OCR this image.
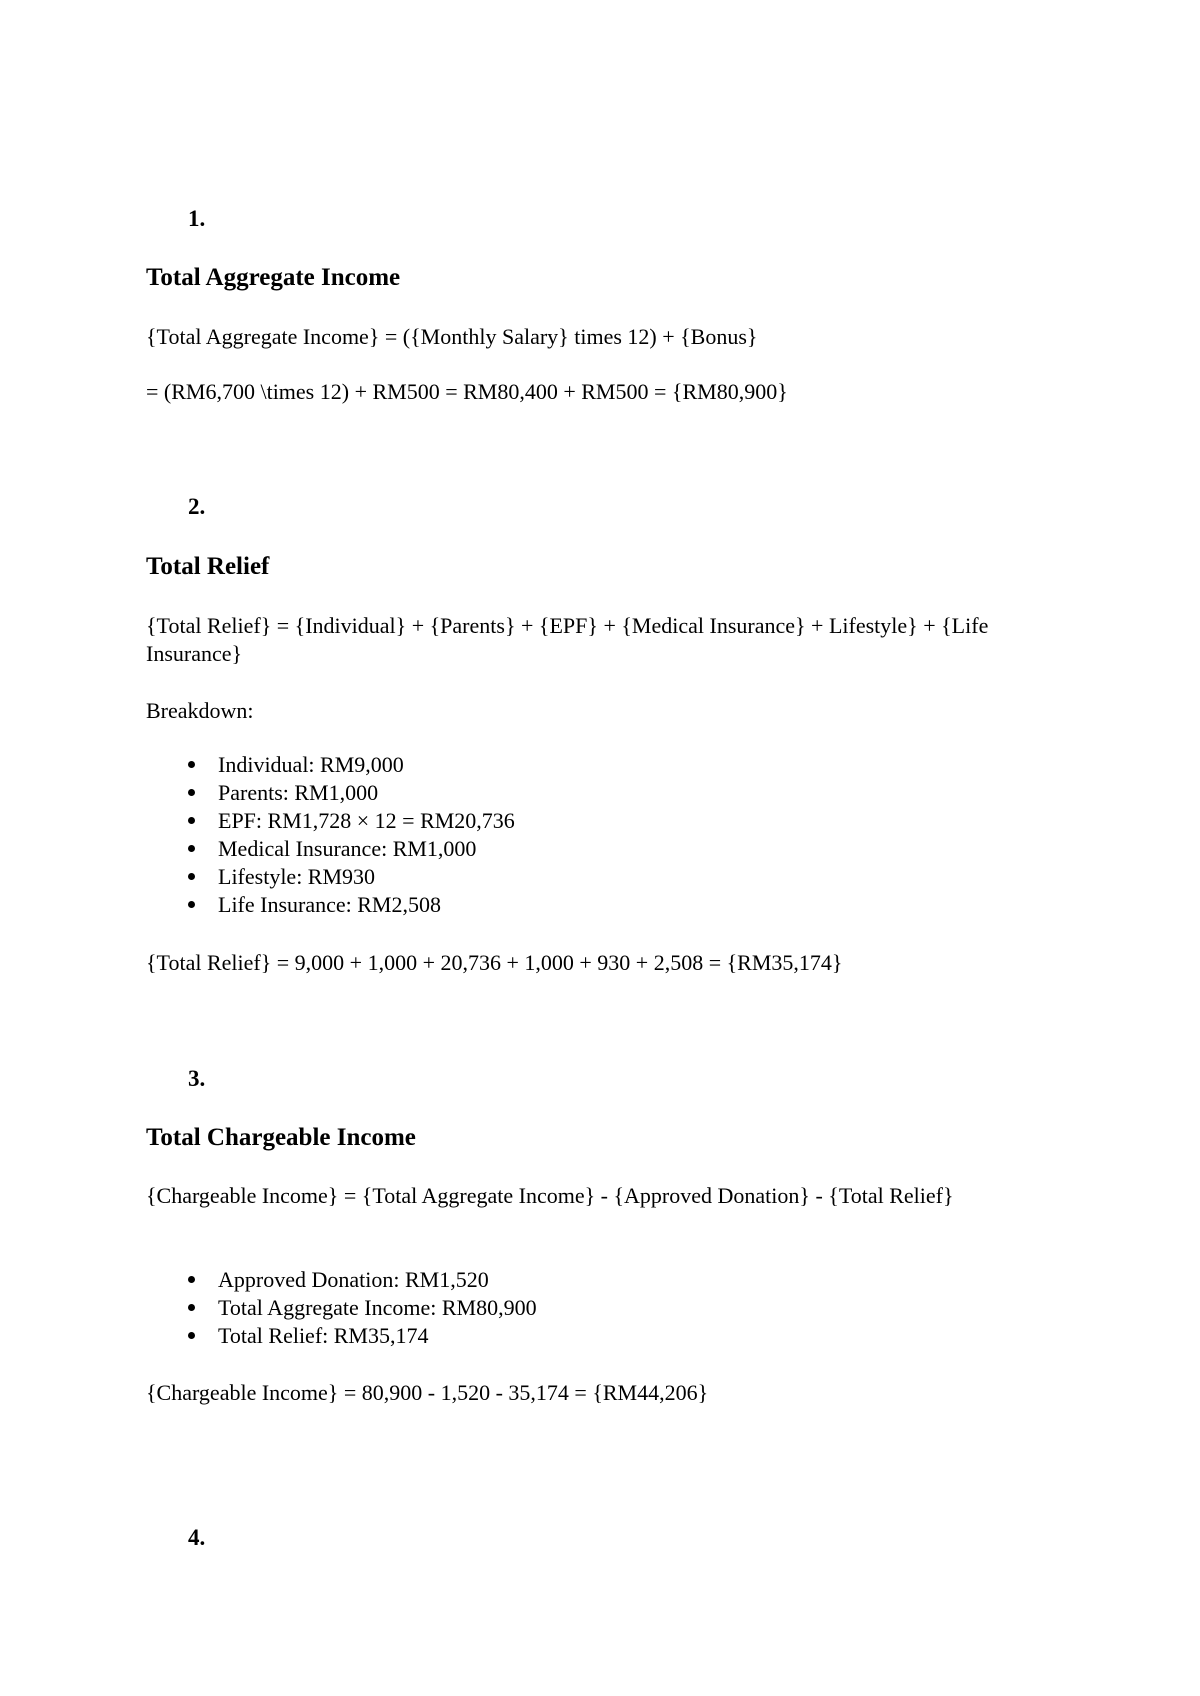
1.
Total Aggregate Income
{Total Aggregate Income} = ({Monthly Salary} times 12) + {Bonus}
= (RM6,700 \times 12) + RM500 = RM80,400 + RM500 = {RM80,900}
2.
Total Relief
{Total Relief} = {Individual} + {Parents} + {EPF} + {Medical Insurance} + Lifestyle} + {Life Insurance}
Breakdown:
Individual: RM9,000
Parents: RM1,000
EPF: RM1,728 × 12 = RM20,736
Medical Insurance: RM1,000
Lifestyle: RM930
Life Insurance: RM2,508
{Total Relief} = 9,000 + 1,000 + 20,736 + 1,000 + 930 + 2,508 = {RM35,174}
3.
Total Chargeable Income
{Chargeable Income} = {Total Aggregate Income} - {Approved Donation} - {Total Relief}
Approved Donation: RM1,520
Total Aggregate Income: RM80,900
Total Relief: RM35,174
{Chargeable Income} = 80,900 - 1,520 - 35,174 = {RM44,206}
4.
